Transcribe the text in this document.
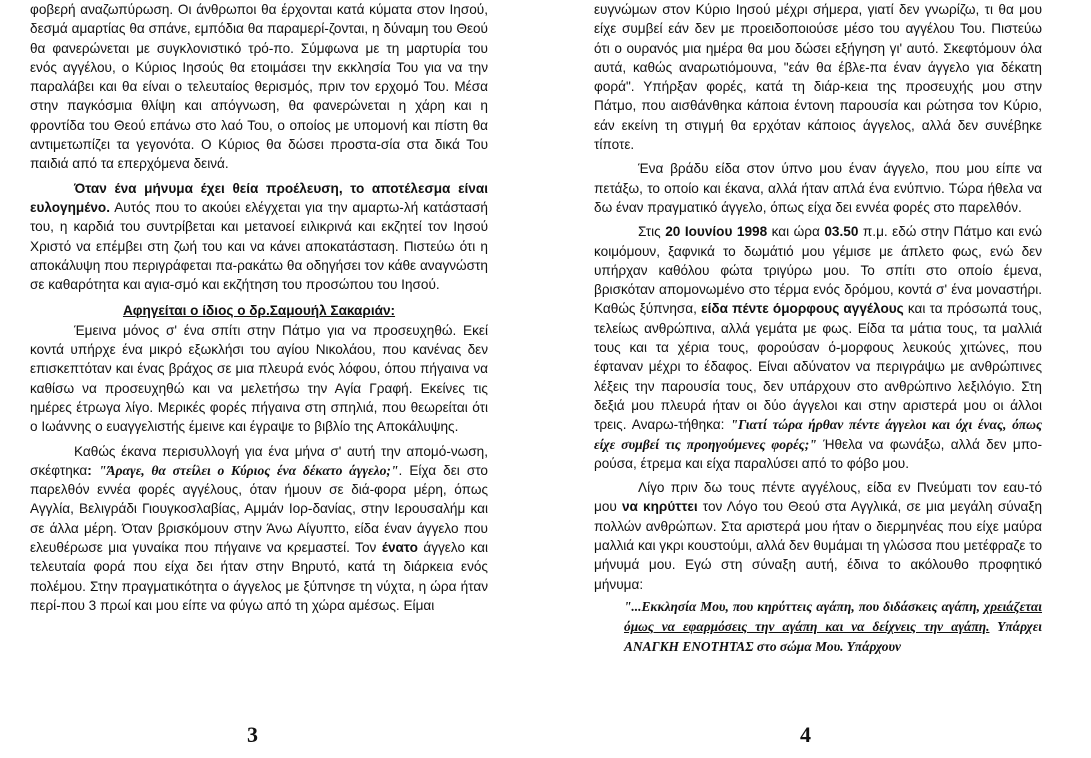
φοβερή αναζωπύρωση. Οι άνθρωποι θα έρχονται κατά κύματα στον Ιησού, δεσμά αμαρτίας θα σπάνε, εμπόδια θα παραμερί-ζονται, η δύναμη του Θεού θα φανερώνεται με συγκλονιστικό τρό-πο. Σύμφωνα με τη μαρτυρία του ενός αγγέλου, ο Κύριος Ιησούς θα ετοιμάσει την εκκλησία Του για να την παραλάβει και θα είναι ο τελευταίος θερισμός, πριν τον ερχομό Του. Μέσα στην παγκόσμια θλίψη και απόγνωση, θα φανερώνεται η χάρη και η φροντίδα του Θεού επάνω στο λαό Του, ο οποίος με υπομονή και πίστη θα αντιμετωπίζει τα γεγονότα. Ο Κύριος θα δώσει προστα-σία στα δικά Του παιδιά από τα επερχόμενα δεινά.

Όταν ένα μήνυμα έχει θεία προέλευση, το αποτέλεσμα είναι ευλογημένο. Αυτός που το ακούει ελέγχεται για την αμαρτω-λή κατάστασή του, η καρδιά του συντρίβεται και μετανοεί ειλικρινά και εκζητεί τον Ιησού Χριστό να επέμβει στη ζωή του και να κάνει αποκατάσταση. Πιστεύω ότι η αποκάλυψη που περιγράφεται πα-ρακάτω θα οδηγήσει τον κάθε αναγνώστη σε καθαρότητα και αγια-σμό και εκζήτηση του προσώπου του Ιησού.

Αφηγείται ο ίδιος ο δρ.Σαμουήλ Σακαριάν:

Έμεινα μόνος σ' ένα σπίτι στην Πάτμο για να προσευχηθώ. Εκεί κοντά υπήρχε ένα μικρό εξωκλήσι του αγίου Νικολάου, που κανένας δεν επισκεπτόταν και ένας βράχος σε μια πλευρά ενός λόφου, όπου πήγαινα να καθίσω να προσευχηθώ και να μελετήσω την Αγία Γραφή. Εκείνες τις ημέρες έτρωγα λίγο. Μερικές φορές πήγαινα στη σπηλιά, που θεωρείται ότι ο Ιωάννης ο ευαγγελιστής έμεινε και έγραψε το βιβλίο της Αποκάλυψης.

Καθώς έκανα περισυλλογή για ένα μήνα σ' αυτή την απομό-νωση, σκέφτηκα: "Άραγε, θα στείλει ο Κύριος ένα δέκατο άγγελο;". Είχα δει στο παρελθόν εννέα φορές αγγέλους, όταν ήμουν σε διά-φορα μέρη, όπως Αγγλία, Βελιγράδι Γιουγκοσλαβίας, Αμμάν Ιορ-δανίας, στην Ιερουσαλήμ και σε άλλα μέρη. Όταν βρισκόμουν στην Άνω Αίγυπτο, είδα έναν άγγελο που ελευθέρωσε μια γυναίκα που πήγαινε να κρεμαστεί. Τον ένατο άγγελο και τελευταία φορά που είχα δει ήταν στην Βηρυτό, κατά τη διάρκεια ενός πολέμου. Στην πραγματικότητα ο άγγελος με ξύπνησε τη νύχτα, η ώρα ήταν περί-που 3 πρωί και μου είπε να φύγω από τη χώρα αμέσως. Είμαι

3

ευγνώμων στον Κύριο Ιησού μέχρι σήμερα, γιατί δεν γνωρίζω, τι θα μου είχε συμβεί εάν δεν με προειδοποιούσε μέσο του αγγέλου Του. Πιστεύω ότι ο ουρανός μια ημέρα θα μου δώσει εξήγηση γι' αυτό. Σκεφτόμουν όλα αυτά, καθώς αναρωτιόμουνα, "εάν θα έβλε-πα έναν άγγελο για δέκατη φορά". Υπήρξαν φορές, κατά τη διάρ-κεια της προσευχής μου στην Πάτμο, που αισθάνθηκα κάποια έντονη παρουσία και ρώτησα τον Κύριο, εάν εκείνη τη στιγμή θα ερχόταν κάποιος άγγελος, αλλά δεν συνέβηκε τίποτε.

Ένα βράδυ είδα στον ύπνο μου έναν άγγελο, που μου είπε να πετάξω, το οποίο και έκανα, αλλά ήταν απλά ένα ενύπνιο. Τώρα ήθελα να δω έναν πραγματικό άγγελο, όπως είχα δει εννέα φορές στο παρελθόν.

Στις 20 Ιουνίου 1998 και ώρα 03.50 π.μ. εδώ στην Πάτμο και ενώ κοιμόμουν, ξαφνικά το δωμάτιό μου γέμισε με άπλετο φως, ενώ δεν υπήρχαν καθόλου φώτα τριγύρω μου. Το σπίτι στο οποίο έμενα, βρισκόταν απομονωμένο στο τέρμα ενός δρόμου, κοντά σ' ένα μοναστήρι. Καθώς ξύπνησα, είδα πέντε όμορφους αγγέλους και τα πρόσωπά τους, τελείως ανθρώπινα, αλλά γεμάτα με φως. Είδα τα μάτια τους, τα μαλλιά τους και τα χέρια τους, φορούσαν ό-μορφους λευκούς χιτώνες, που έφταναν μέχρι το έδαφος. Είναι αδύνατον να περιγράψω με ανθρώπινες λέξεις την παρουσία τους, δεν υπάρχουν στο ανθρώπινο λεξιλόγιο. Στη δεξιά μου πλευρά ήταν οι δύο άγγελοι και στην αριστερά μου οι άλλοι τρεις. Αναρω-τήθηκα: "Γιατί τώρα ήρθαν πέντε άγγελοι και όχι ένας, όπως είχε συμβεί τις προηγούμενες φορές;" Ήθελα να φωνάξω, αλλά δεν μπο-ρούσα, έτρεμα και είχα παραλύσει από το φόβο μου.

Λίγο πριν δω τους πέντε αγγέλους, είδα εν Πνεύματι τον εαυ-τό μου να κηρύττει τον Λόγο του Θεού στα Αγγλικά, σε μια μεγάλη σύναξη πολλών ανθρώπων. Στα αριστερά μου ήταν ο διερμηνέας που είχε μαύρα μαλλιά και γκρι κουστούμι, αλλά δεν θυμάμαι τη γλώσσα που μετέφραζε το μήνυμά μου. Εγώ στη σύναξη αυτή, έδινα το ακόλουθο προφητικό μήνυμα:

"...Εκκλησία Μου, που κηρύττεις αγάπη, που διδάσκεις αγάπη, χρειάζεται όμως να εφαρμόσεις την αγάπη και να δείχνεις την αγάπη. Υπάρχει ΑΝΑΓΚΗ ΕΝΟΤΗΤΑΣ στο σώμα Μου. Υπάρχουν
4
